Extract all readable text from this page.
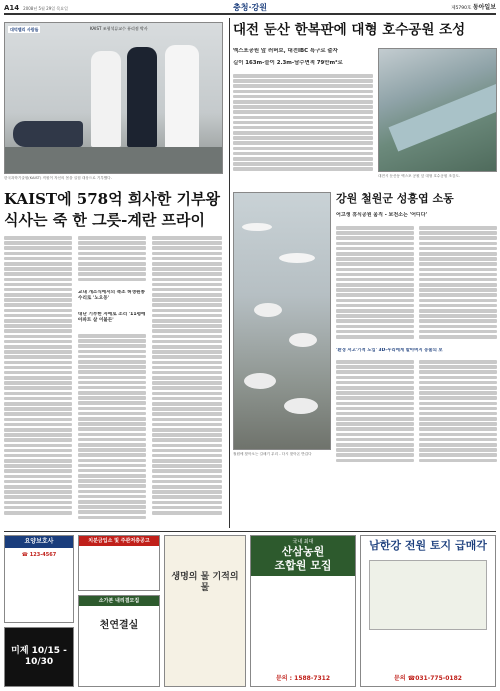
A14 2008년 5월 29일 목요일	충청·강원	제5790호 동아일보
대덕밸리 사람들	KAIST 조형석류교수 퓨리점 박사
한국과학기술원(KAIST) 직원이 자신의 몸을 실험 대상으로 기부했다.
KAIST에 578억 희사한 기부왕
식사는 죽 한 그릇-계란 프라이

교내 개소식에서의 축조 허생원종 수리로 '노오동'
대단 기부한 자에로 소리 '11평에 아파트 살 이불든'

대전 둔산 한복판에 대형 호수공원 조성
엑스포공원 앞 러버보, 대전IBC 특구로 출자
길이 163m-늘이 2.3m-담수면적 79만m²로

대전시 둔산동 엑스포 공원 앞 대형 호수공원 조감도.
철원에 찾아오는 갈매기 무리 - 다시 찾아온 반갑다
강원 철원군 성흥엽 소동
어고생 휴식공원 움직 - 보전소는 '어디다'

'환경 서고'기적 도입' 3D-우리에게 할아버지 동물의 보

요양보호사
☎ 123-4567
미제 10/15 - 10/30
치분금입소 및 주관저층공고
소가본 내리결모집
천연결실
생명의 물 기적의 물
국내 최대
산삼농원
조합원 모집
문의 : 1588-7312
남한강 전원 토지 급매각
문의 ☎031-775-0182
